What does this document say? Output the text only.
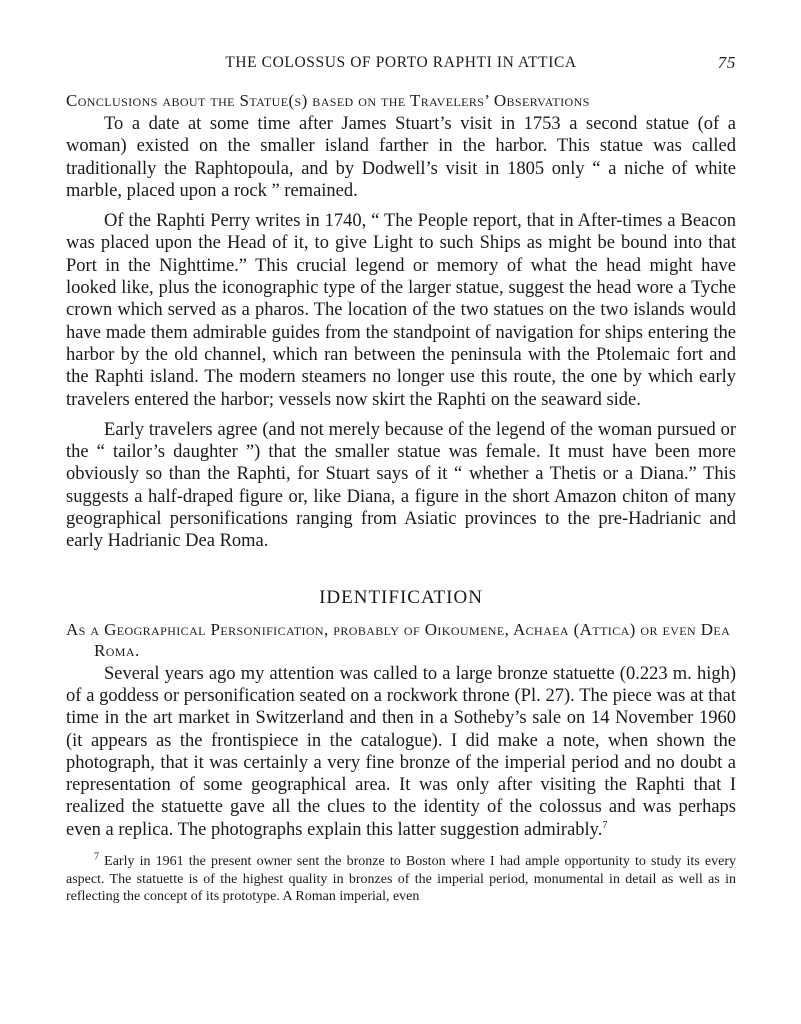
THE COLOSSUS OF PORTO RAPHTI IN ATTICA	75
Conclusions about the Statue(s) based on the Travelers’ Observations

To a date at some time after James Stuart’s visit in 1753 a second statue (of a woman) existed on the smaller island farther in the harbor. This statue was called traditionally the Raphtopoula, and by Dodwell’s visit in 1805 only “ a niche of white marble, placed upon a rock ” remained.

Of the Raphti Perry writes in 1740, “ The People report, that in After-times a Beacon was placed upon the Head of it, to give Light to such Ships as might be bound into that Port in the Nighttime.” This crucial legend or memory of what the head might have looked like, plus the iconographic type of the larger statue, suggest the head wore a Tyche crown which served as a pharos. The location of the two statues on the two islands would have made them admirable guides from the standpoint of navigation for ships entering the harbor by the old channel, which ran between the peninsula with the Ptolemaic fort and the Raphti island. The modern steamers no longer use this route, the one by which early travelers entered the harbor; vessels now skirt the Raphti on the seaward side.

Early travelers agree (and not merely because of the legend of the woman pursued or the “ tailor’s daughter ”) that the smaller statue was female. It must have been more obviously so than the Raphti, for Stuart says of it “ whether a Thetis or a Diana.” This suggests a half-draped figure or, like Diana, a figure in the short Amazon chiton of many geographical personifications ranging from Asiatic provinces to the pre-Hadrianic and early Hadrianic Dea Roma.

IDENTIFICATION
As a Geographical Personification, probably of Oikoumene, Achaea (Attica) or even Dea Roma.

Several years ago my attention was called to a large bronze statuette (0.223 m. high) of a goddess or personification seated on a rockwork throne (Pl. 27). The piece was at that time in the art market in Switzerland and then in a Sotheby’s sale on 14 November 1960 (it appears as the frontispiece in the catalogue). I did make a note, when shown the photograph, that it was certainly a very fine bronze of the imperial period and no doubt a representation of some geographical area. It was only after visiting the Raphti that I realized the statuette gave all the clues to the identity of the colossus and was perhaps even a replica. The photographs explain this latter suggestion admirably.$^7$

$^7$ Early in 1961 the present owner sent the bronze to Boston where I had ample opportunity to study its every aspect. The statuette is of the highest quality in bronzes of the imperial period, monumental in detail as well as in reflecting the concept of its prototype. A Roman imperial, even
